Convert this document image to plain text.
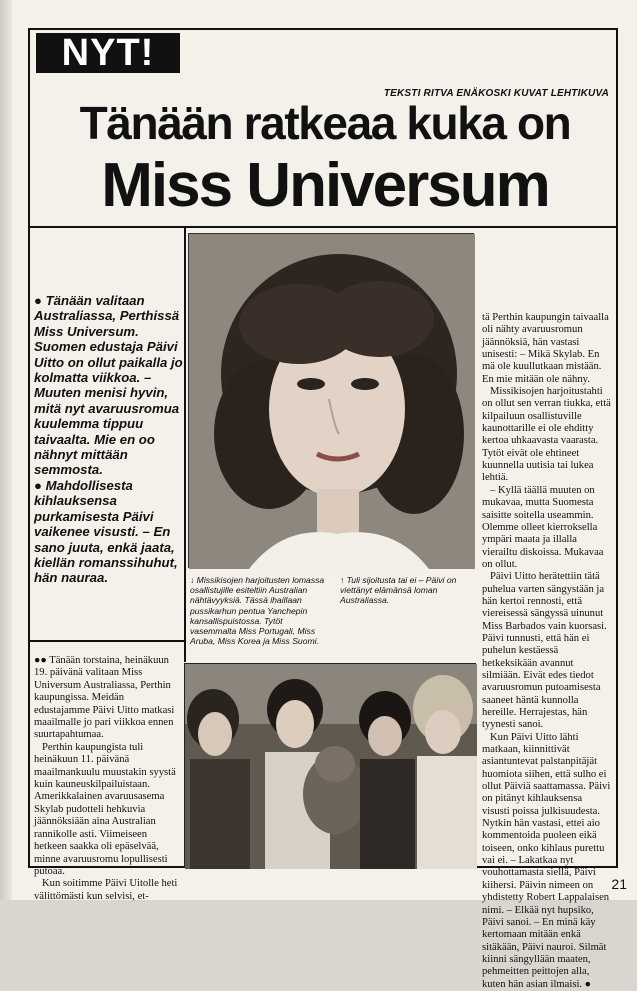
NYT!
TEKSTI RITVA ENÄKOSKI KUVAT LEHTIKUVA
Tänään ratkeaa kuka on
Miss Universum

● Tänään valitaan Australiassa, Perthissä Miss Universum. Suomen edustaja Päivi Uitto on ollut paikalla jo kolmatta viikkoa. – Muuten menisi hyvin, mitä nyt avaruusromua kuulemma tippuu taivaalta. Mie en oo nähnyt mittään semmosta.

● Mahdollisesta kihlauksensa purkamisesta Päivi vaikenee visusti. – En sano juuta, enkä jaata, kiellän romanssihuhut, hän nauraa.	↓ Missikisojen harjoitusten lomassa osallistujille esiteltiin Australian nähtävyyksiä. Tässä ihaillaan pussikarhun pentua Yanchepin kansallispuistossa. Tytöt vasemmalta Miss Portugali, Miss Aruba, Miss Korea ja Miss Suomi.
↑ Tuli sijoitusta tai ei – Päivi on viettänyt elämänsä loman Australiassa.

●● Tänään torstaina, heinäkuun 19. päivänä valitaan Miss Universum Australiassa, Perthin kaupungissa. Meidän edustajamme Päivi Uitto matkasi maailmalle jo pari viikkoa ennen suurtapahtumaa.

Perthin kaupungista tuli heinäkuun 11. päivänä maailmankuulu muustakin syystä kuin kauneuskilpailuistaan. Amerikkalainen avaruusasema Skylab pudotteli hehkuvia jäännöksiään aina Australian rannikolle asti. Viimeiseen hetkeen saakka oli epäselvää, minne avaruusromu lopullisesti putoaa.

Kun soitimme Päivi Uitolle heti välittömästi kun selvisi, et-

tä Perthin kaupungin taivaalla oli nähty avaruusromun jäännöksiä, hän vastasi unisesti: – Mikä Skylab. En mä ole kuullutkaan mistään. En mie mitään ole nähny.

Missikisojen harjoitustahti on ollut sen verran tiukka, että kilpailuun osallistuville kaunottarille ei ole ehditty kertoa uhkaavasta vaarasta. Tytöt eivät ole ehtineet kuunnella uutisia tai lukea lehtiä.

– Kyllä täällä muuten on mukavaa, mutta Suomesta saisitte soitella useammin. Olemme olleet kierroksella ympäri maata ja illalla vierailtu diskoissa. Mukavaa on ollut.

Päivi Uitto herätettiin tätä puhelua varten sängystään ja hän kertoi rennosti, että viereisessä sängyssä uinunut Miss Barbados vain kuorsasi. Päivi tunnusti, että hän ei puhelun kestäessä hetkeksikään avannut silmiään. Eivät edes tiedot avaruusromun putoamisesta saaneet häntä kunnolla hereille. Herrajestas, hän tyynesti sanoi.

Kun Päivi Uitto lähti matkaan, kiinnittivät asiantuntevat palstanpitäjät huomiota siihen, että sulho ei ollut Päiviä saattamassa. Päivi on pitänyt kihlauksensa visusti poissa julkisuudesta. Nytkin hän vastasi, ettei aio kommentoida puoleen eikä toiseen, onko kihlaus purettu vai ei. – Lakatkaa nyt vouhottamasta siellä, Päivi kiihersi. Päivin nimeen on yhdistetty Robert Lappalaisen nimi. – Elkää nyt hupsiko, Päivi sanoi. – En minä käy kertomaan mitään enkä sitäkään, Päivi nauroi. Silmät kiinni sängyllään maaten, pehmeitten peittojen alla, kuten hän asian ilmaisi. ●

21
